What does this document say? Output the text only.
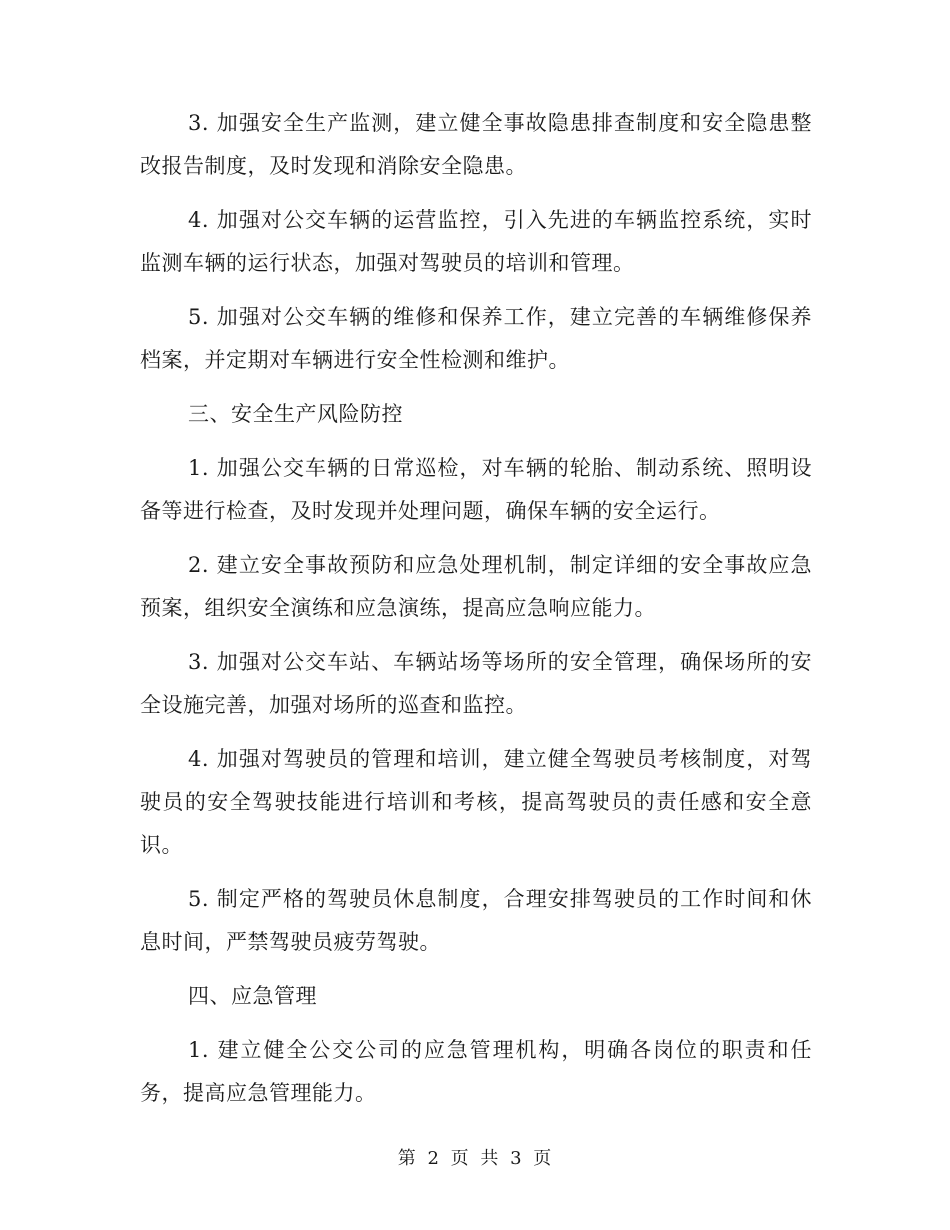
3. 加强安全生产监测，建立健全事故隐患排查制度和安全隐患整改报告制度，及时发现和消除安全隐患。

4. 加强对公交车辆的运营监控，引入先进的车辆监控系统，实时监测车辆的运行状态，加强对驾驶员的培训和管理。

5. 加强对公交车辆的维修和保养工作，建立完善的车辆维修保养档案，并定期对车辆进行安全性检测和维护。

三、安全生产风险防控

1. 加强公交车辆的日常巡检，对车辆的轮胎、制动系统、照明设备等进行检查，及时发现并处理问题，确保车辆的安全运行。

2. 建立安全事故预防和应急处理机制，制定详细的安全事故应急预案，组织安全演练和应急演练，提高应急响应能力。

3. 加强对公交车站、车辆站场等场所的安全管理，确保场所的安全设施完善，加强对场所的巡查和监控。

4. 加强对驾驶员的管理和培训，建立健全驾驶员考核制度，对驾驶员的安全驾驶技能进行培训和考核，提高驾驶员的责任感和安全意识。

5. 制定严格的驾驶员休息制度，合理安排驾驶员的工作时间和休息时间，严禁驾驶员疲劳驾驶。

四、应急管理

1. 建立健全公交公司的应急管理机构，明确各岗位的职责和任务，提高应急管理能力。

第 2 页 共 3 页
